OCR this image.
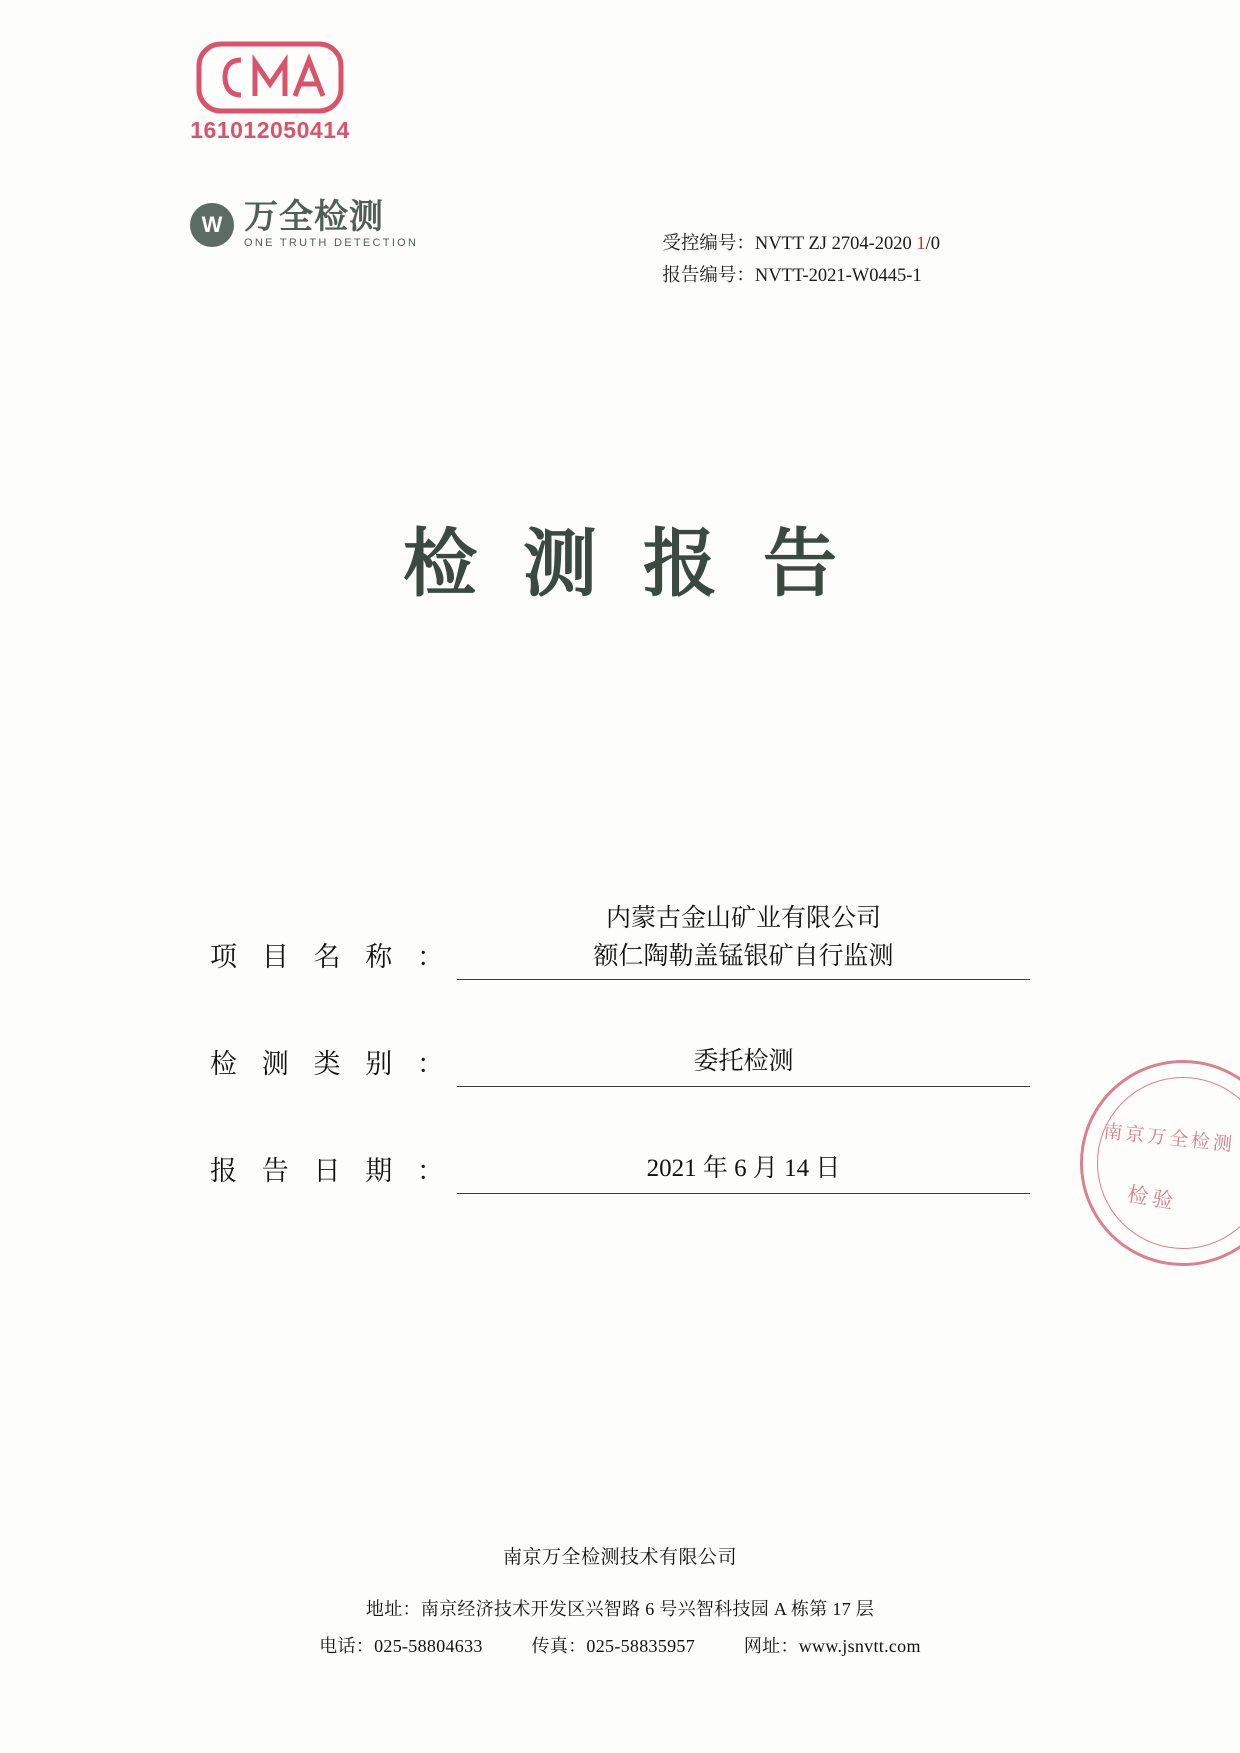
161012050414
W
万全检测
ONE TRUTH DETECTION	受控编号：NVTT ZJ 2704-2020 1/0
报告编号：NVTT-2021-W0445-1
检测报告
项 目 名 称 ：
内蒙古金山矿业有限公司
额仁陶勒盖锰银矿自行监测
检 测 类 别 ：	委托检测
报 告 日 期 ：	2021 年 6 月 14 日
南京万全检测
检验
南京万全检测技术有限公司
地址：南京经济技术开发区兴智路 6 号兴智科技园 A 栋第 17 层
电话：025-58804633	传真：025-58835957	网址：www.jsnvtt.com
